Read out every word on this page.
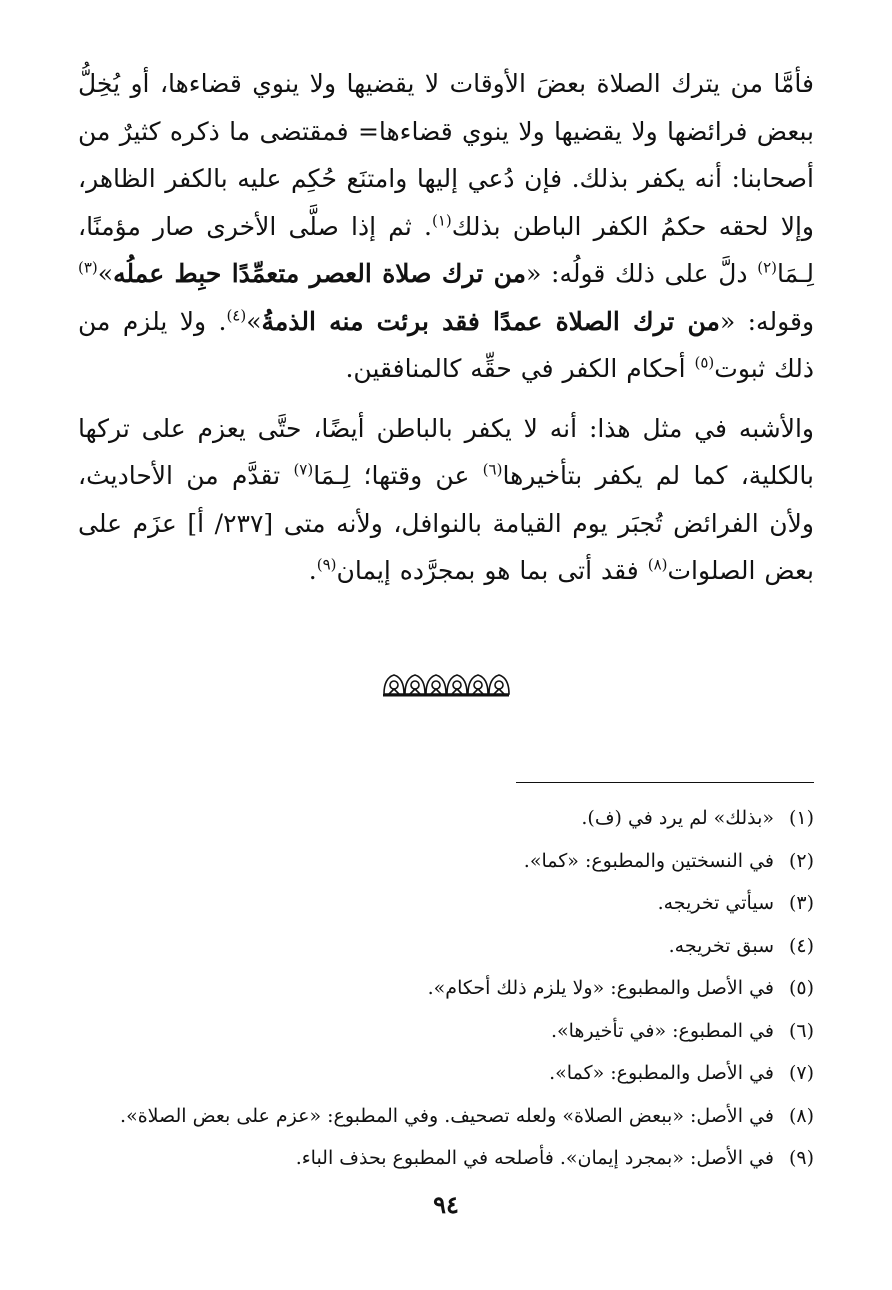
فأمَّا من يترك الصلاة بعضَ الأوقات لا يقضيها ولا ينوي قضاءها، أو يُخِلُّ ببعض فرائضها ولا يقضيها ولا ينوي قضاءها= فمقتضى ما ذكره كثيرٌ من أصحابنا: أنه يكفر بذلك. فإن دُعي إليها وامتنَع حُكِم عليه بالكفر الظاهر، وإلا لحقه حكمُ الكفر الباطن بذلك$^{(١)}$. ثم إذا صلَّى الأخرى صار مؤمنًا، لِـمَا$^{(٢)}$ دلَّ على ذلك قولُه: «من ترك صلاة العصر متعمِّدًا حبِط عملُه»$^{(٣)}$ وقوله: «من ترك الصلاة عمدًا فقد برئت منه الذمةُ»$^{(٤)}$. ولا يلزم من ذلك ثبوت$^{(٥)}$ أحكام الكفر في حقِّه كالمنافقين.

والأشبه في مثل هذا: أنه لا يكفر بالباطن أيضًا، حتَّى يعزم على تركها بالكلية، كما لم يكفر بتأخيرها$^{(٦)}$ عن وقتها؛ لِـمَا$^{(٧)}$ تقدَّم من الأحاديث، ولأن الفرائض تُجبَر يوم القيامة بالنوافل، ولأنه متى [٢٣٧/ أ] عزَم على بعض الصلوات$^{(٨)}$ فقد أتى بما هو بمجرَّده إيمان$^{(٩)}$.

(١)
«بذلك» لم يرد في (ف).
(٢)
في النسختين والمطبوع: «كما».
(٣)
سيأتي تخريجه.
(٤)
سبق تخريجه.
(٥)
في الأصل والمطبوع: «ولا يلزم ذلك أحكام».
(٦)
في المطبوع: «في تأخيرها».
(٧)
في الأصل والمطبوع: «كما».
(٨)
في الأصل: «ببعض الصلاة» ولعله تصحيف. وفي المطبوع: «عزم على بعض الصلاة».
(٩)
في الأصل: «بمجرد إيمان». فأصلحه في المطبوع بحذف الباء.
٩٤
